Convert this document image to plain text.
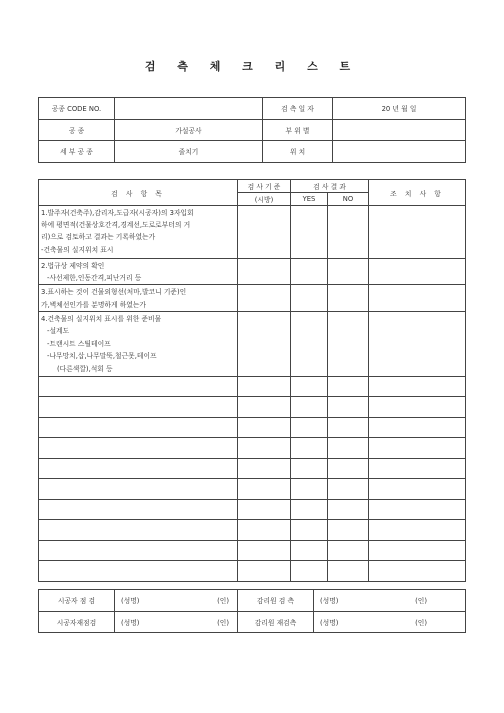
검 측 체 크 리 스 트
공종 CODE NO.		검 측 일 자	20 년 월 일
공 종	가설공사	부 위 별	
세 부 공 종	줄치기	위 치	
검 사 항 목	검 사 기 준	검 사 결 과		조 치 사 항
	(시방)	YES	NO	

1.발주자(건축주),감리자,도급자(시공자)의 3자입회
하에 평면적(건물상호간격,경계선,도로로부터의 거
리)으로 검토하고 결과는 기록하였는가
-건축물의 실지위치 표시				

2.법규상 제약의 확인
-사선제한,인동간격,피난거리 등				

3.표시하는 것이 건물외형선(처마,발코니 기준)인
가,벽체선인가를 분명하게 하였는가				

4.건축물의 실지위치 표시를 위한 준비물
-설계도
-트랜시트 스틸테이프
-나무망치,삽,나무말뚝,철근못,테이프
(다른색깔),석회 등				

시공자 점 검	(성명) (인)	감리원 검 측	(성명) (인)

시공자재점검	(성명) (인)	감리원 재검측	(성명) (인)
